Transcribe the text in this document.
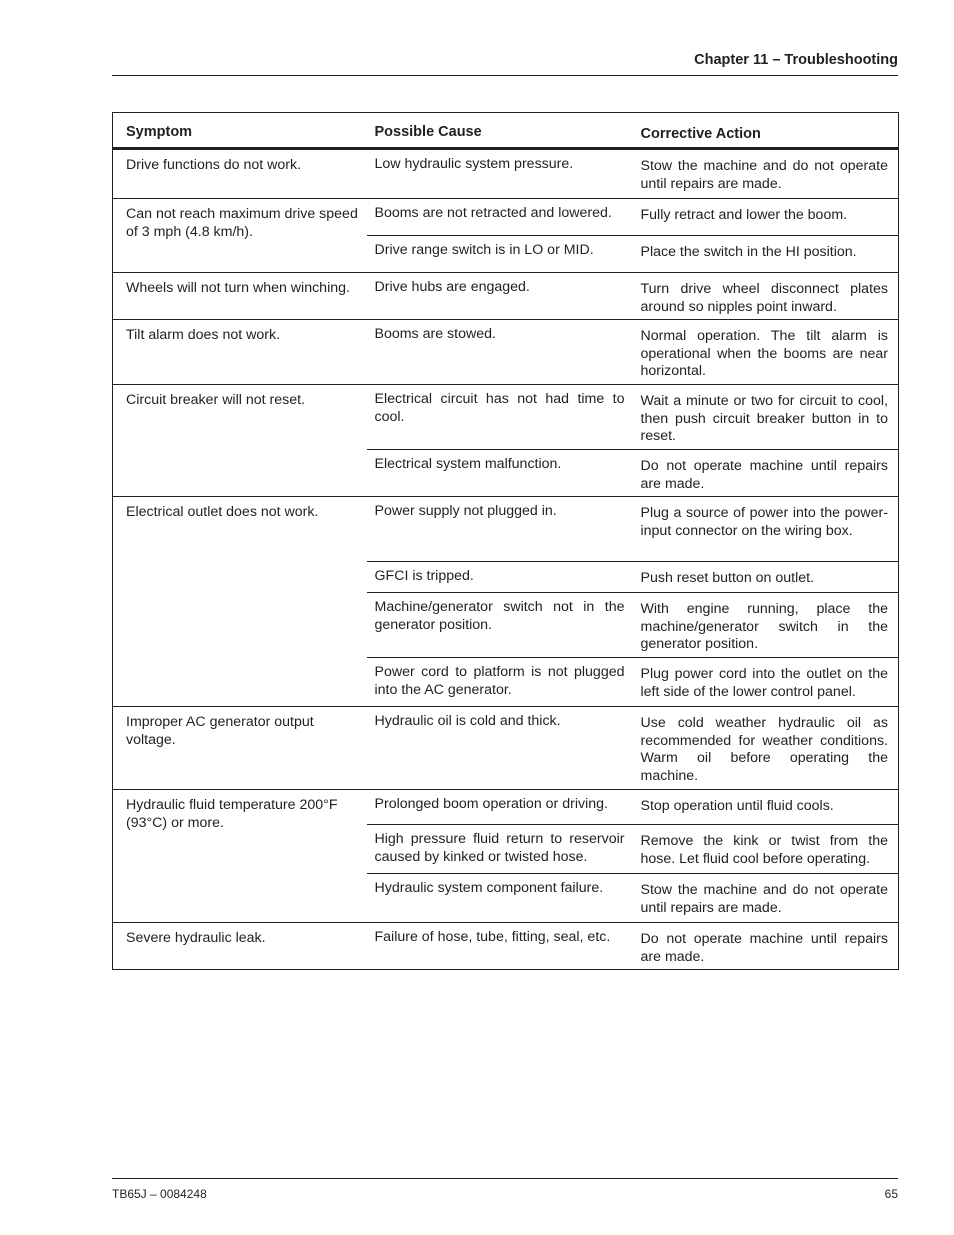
Chapter 11 – Troubleshooting
Symptom	Possible Cause	Corrective Action
Drive functions do not work.	Low hydraulic system pressure.	Stow the machine and do not operate until repairs are made.
Can not reach maximum drive speed of 3 mph (4.8 km/h).	Booms are not retracted and lowered.	Fully retract and lower the boom.
	Drive range switch is in LO or MID.	Place the switch in the HI position.
Wheels will not turn when winching.	Drive hubs are engaged.	Turn drive wheel disconnect plates around so nipples point inward.
Tilt alarm does not work.	Booms are stowed.	Normal operation. The tilt alarm is operational when the booms are near horizontal.
Circuit breaker will not reset.	Electrical circuit has not had time to cool.	Wait a minute or two for circuit to cool, then push circuit breaker button in to reset.
	Electrical system malfunction.	Do not operate machine until repairs are made.
Electrical outlet does not work.	Power supply not plugged in.	Plug a source of power into the power-input connector on the wiring box.
	GFCI is tripped.	Push reset button on outlet.
	Machine/generator switch not in the generator position.	With engine running, place the machine/generator switch in the generator position.
	Power cord to platform is not plugged into the AC generator.	Plug power cord into the outlet on the left side of the lower control panel.
Improper AC generator output voltage.	Hydraulic oil is cold and thick.	Use cold weather hydraulic oil as recommended for weather conditions. Warm oil before operating the machine.
Hydraulic fluid temperature 200°F (93°C) or more.	Prolonged boom operation or driving.	Stop operation until fluid cools.
	High pressure fluid return to reservoir caused by kinked or twisted hose.	Remove the kink or twist from the hose. Let fluid cool before operating.
	Hydraulic system component failure.	Stow the machine and do not operate until repairs are made.
Severe hydraulic leak.	Failure of hose, tube, fitting, seal, etc.	Do not operate machine until repairs are made.
TB65J – 0084248	65
